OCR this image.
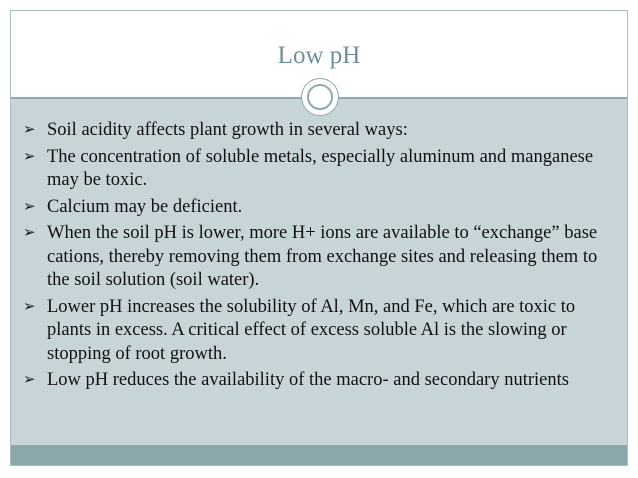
Low pH
➢ Soil acidity affects plant growth in several ways:
➢ The concentration of soluble metals, especially aluminum and manganese may be toxic.
➢ Calcium may be deficient.
➢ When the soil pH is lower, more H+ ions are available to “exchange” base cations, thereby removing them from exchange sites and releasing them to the soil solution (soil water).
➢ Lower pH increases the solubility of Al, Mn, and Fe, which are toxic to plants in excess. A critical effect of excess soluble Al is the slowing or stopping of root growth.
➢ Low pH reduces the availability of the macro- and secondary nutrients
